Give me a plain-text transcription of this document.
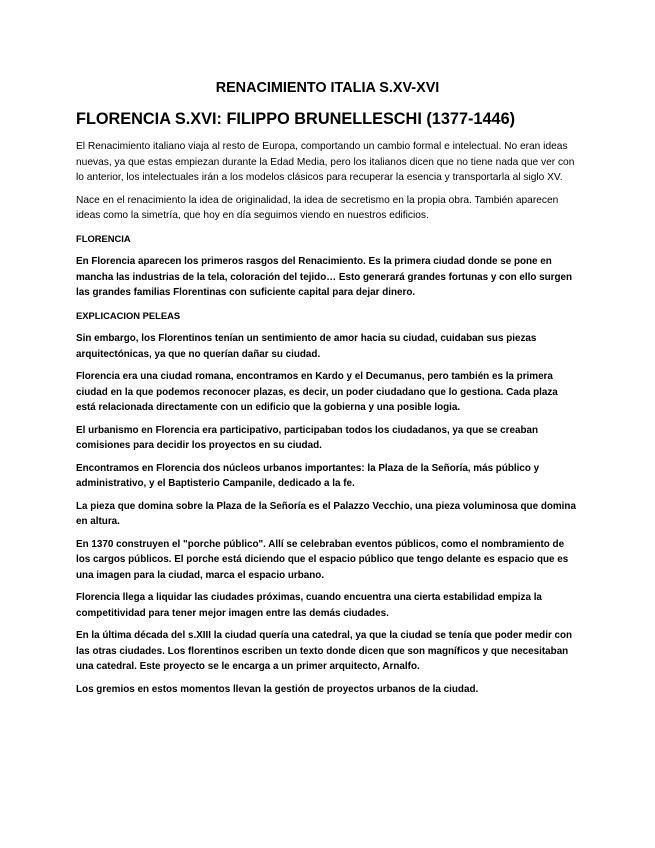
RENACIMIENTO ITALIA S.XV-XVI
FLORENCIA S.XVI: FILIPPO BRUNELLESCHI (1377-1446)

El Renacimiento italiano viaja al resto de Europa, comportando un cambio formal e intelectual. No eran ideas nuevas, ya que estas empiezan durante la Edad Media, pero los italianos dicen que no tiene nada que ver con lo anterior, los intelectuales irán a los modelos clásicos para recuperar la esencia y transportarla al siglo XV.

Nace en el renacimiento la idea de originalidad, la idea de secretismo en la propia obra. También aparecen ideas como la simetría, que hoy en día seguimos viendo en nuestros edificios.

FLORENCIA

En Florencia aparecen los primeros rasgos del Renacimiento. Es la primera ciudad donde se pone en mancha las industrias de la tela, coloración del tejido… Esto generará grandes fortunas y con ello surgen las grandes familias Florentinas con suficiente capital para dejar dinero.

EXPLICACION PELEAS

Sin embargo, los Florentinos tenían un sentimiento de amor hacia su ciudad, cuidaban sus piezas arquitectónicas, ya que no querían dañar su ciudad.

Florencia era una ciudad romana, encontramos en Kardo y el Decumanus, pero también es la primera ciudad en la que podemos reconocer plazas, es decir, un poder ciudadano que lo gestiona. Cada plaza está relacionada directamente con un edificio que la gobierna y una posible logia.

El urbanismo en Florencia era participativo, participaban todos los ciudadanos, ya que se creaban comisiones para decidir los proyectos en su ciudad.

Encontramos en Florencia dos núcleos urbanos importantes: la Plaza de la Señoría, más público y administrativo, y el Baptisterio Campanile, dedicado a la fe.

La pieza que domina sobre la Plaza de la Señoría es el Palazzo Vecchio, una pieza voluminosa que domina en altura.

En 1370 construyen el "porche público". Allí se celebraban eventos públicos, como el nombramiento de los cargos públicos. El porche está diciendo que el espacio público que tengo delante es espacio que es una imagen para la ciudad, marca el espacio urbano.

Florencia llega a liquidar las ciudades próximas, cuando encuentra una cierta estabilidad empiza la competitividad para tener mejor imagen entre las demás ciudades.

En la última década del s.XIII la ciudad quería una catedral, ya que la ciudad se tenía que poder medir con las otras ciudades. Los florentinos escriben un texto donde dicen que son magníficos y que necesitaban una catedral. Este proyecto se le encarga a un primer arquitecto, Arnalfo.

Los gremios en estos momentos llevan la gestión de proyectos urbanos de la ciudad.
